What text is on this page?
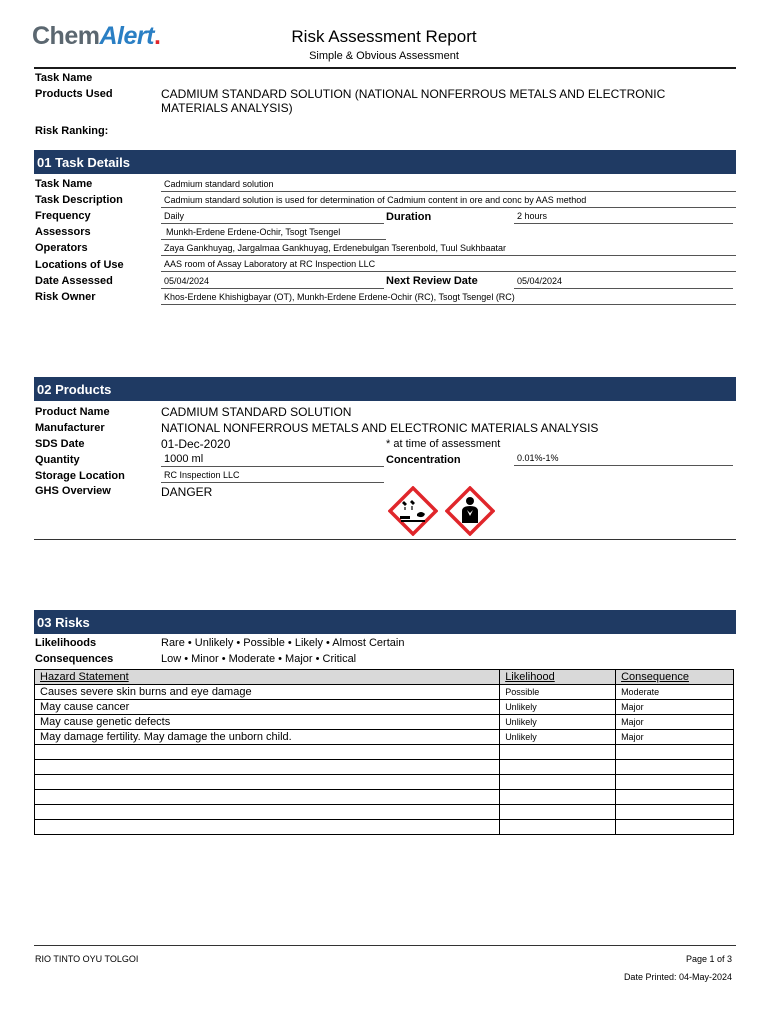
ChemAlert.	Risk Assessment Report
Simple & Obvious Assessment
Task Name
Products Used	CADMIUM STANDARD SOLUTION (NATIONAL NONFERROUS METALS AND ELECTRONIC MATERIALS ANALYSIS)
Risk Ranking:
01 Task Details
Task Name	Cadmium standard solution
Task Description	Cadmium standard solution is used for determination of Cadmium content in ore and conc by AAS method
Frequency	Daily	Duration	2 hours
Assessors	Munkh-Erdene Erdene-Ochir, Tsogt Tsengel
Operators	Zaya Gankhuyag, Jargalmaa Gankhuyag, Erdenebulgan Tserenbold, Tuul Sukhbaatar
Locations of Use	AAS room of Assay Laboratory at RC Inspection LLC
Date Assessed	05/04/2024	Next Review Date	05/04/2024
Risk Owner	Khos-Erdene Khishigbayar (OT), Munkh-Erdene Erdene-Ochir (RC), Tsogt Tsengel (RC)
02 Products
Product Name	CADMIUM STANDARD SOLUTION
Manufacturer	NATIONAL NONFERROUS METALS AND ELECTRONIC MATERIALS ANALYSIS
SDS Date	01-Dec-2020	* at time of assessment
Quantity	1000 ml	Concentration	0.01%-1%
Storage Location	RC Inspection LLC
GHS Overview	DANGER
03 Risks
Likelihoods	Rare • Unlikely • Possible • Likely • Almost Certain
Consequences	Low • Minor • Moderate • Major • Critical
Hazard Statement	Likelihood	Consequence
Causes severe skin burns and eye damage	Possible	Moderate
May cause cancer	Unlikely	Major
May cause genetic defects	Unlikely	Major
May damage fertility. May damage the unborn child.	Unlikely	Major

RIO TINTO OYU TOLGOI	Page 1 of 3
Date Printed: 04-May-2024
